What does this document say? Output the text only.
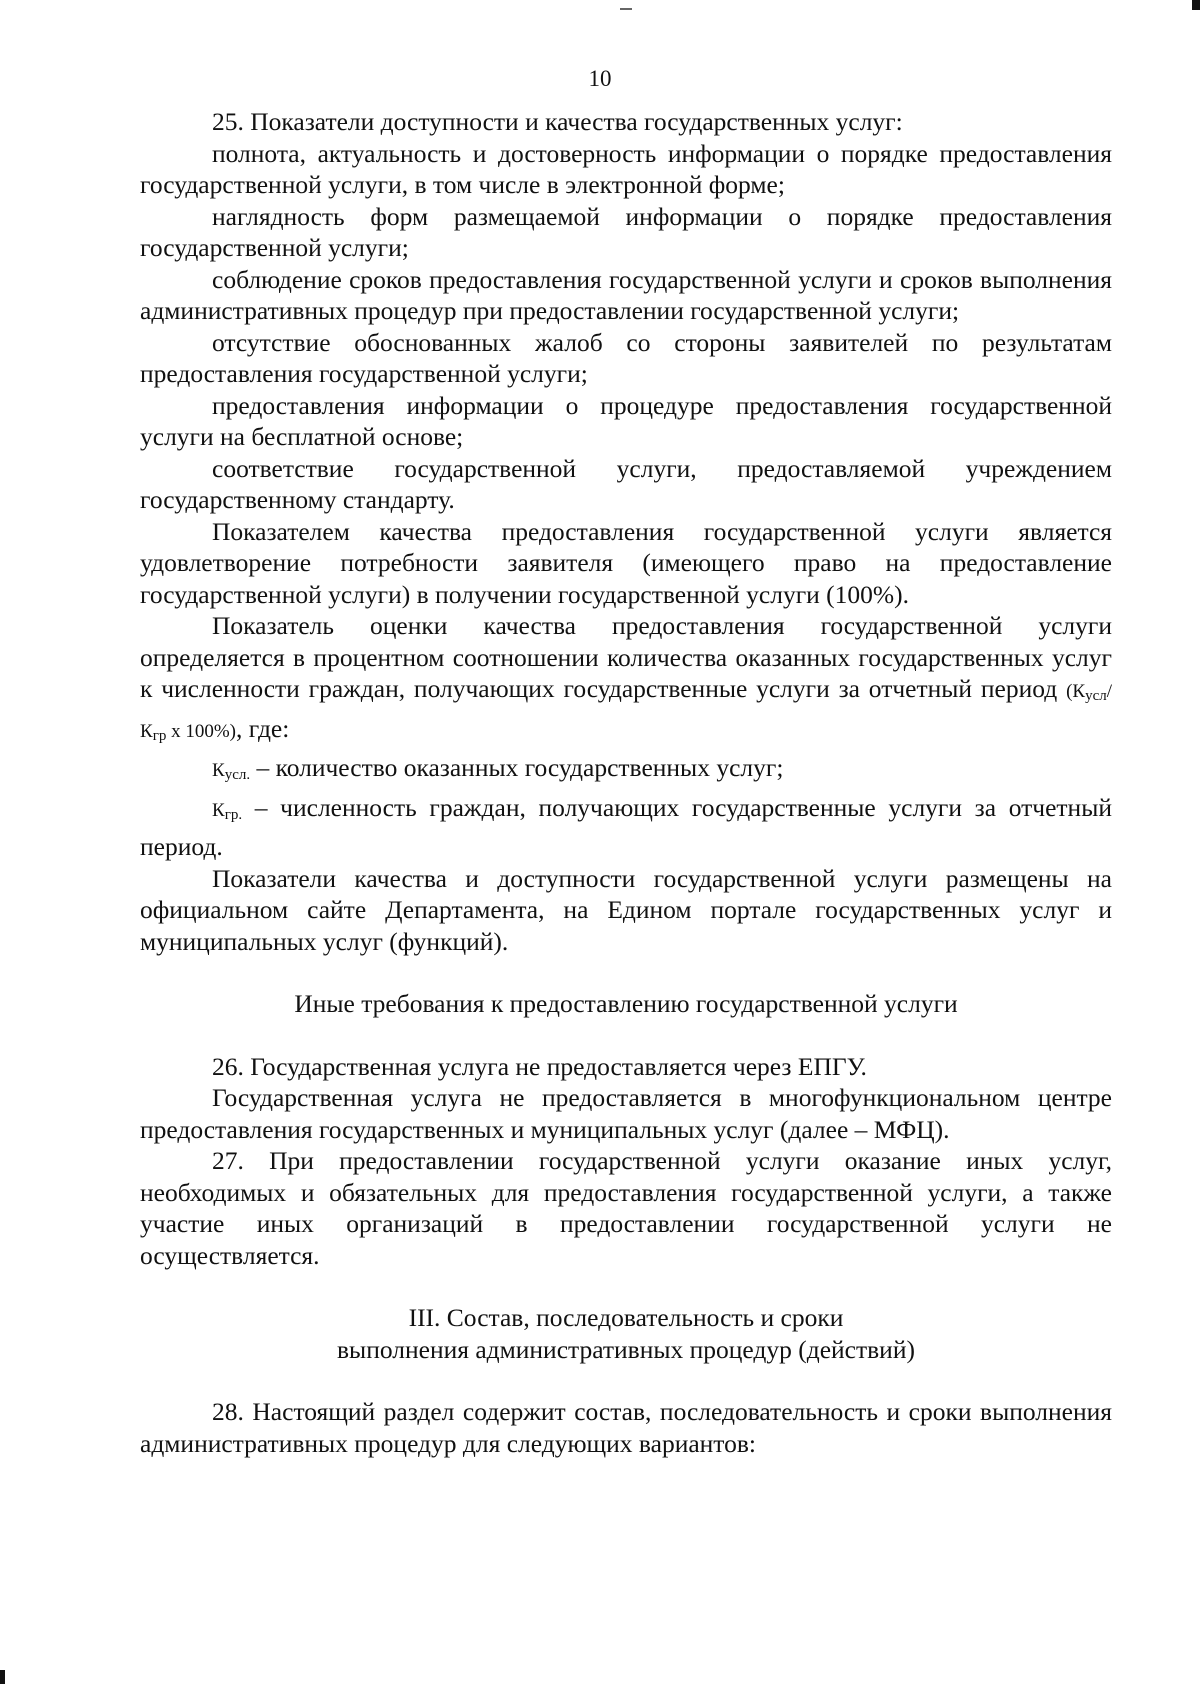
10

25. Показатели доступности и качества государственных услуг:

полнота, актуальность и достоверность информации о порядке предоставления государственной услуги, в том числе в электронной форме;

наглядность форм размещаемой информации о порядке предоставления государственной услуги;

соблюдение сроков предоставления государственной услуги и сроков выполнения административных процедур при предоставлении государственной услуги;

отсутствие обоснованных жалоб со стороны заявителей по результатам предоставления государственной услуги;

предоставления информации о процедуре предоставления государственной услуги на бесплатной основе;

соответствие государственной услуги, предоставляемой учреждением государственному стандарту.

Показателем качества предоставления государственной услуги является удовлетворение потребности заявителя (имеющего право на предоставление государственной услуги) в получении государственной услуги (100%).

Показатель оценки качества предоставления государственной услуги определяется в процентном соотношении количества оказанных государственных услуг к численности граждан, получающих государственные услуги за отчетный период ($К_{усл}/К_{гр}$ х 100%), где:

$К_{усл.}$ – количество оказанных государственных услуг;

$К_{гр.}$ – численность граждан, получающих государственные услуги за отчетный период.

Показатели качества и доступности государственной услуги размещены на официальном сайте Департамента, на Едином портале государственных услуг и муниципальных услуг (функций).

Иные требования к предоставлению государственной услуги

26. Государственная услуга не предоставляется через ЕПГУ.

Государственная услуга не предоставляется в многофункциональном центре предоставления государственных и муниципальных услуг (далее – МФЦ).

27. При предоставлении государственной услуги оказание иных услуг, необходимых и обязательных для предоставления государственной услуги, а также участие иных организаций в предоставлении государственной услуги не осуществляется.

III. Состав, последовательность и сроки

выполнения административных процедур (действий)

28. Настоящий раздел содержит состав, последовательность и сроки выполнения административных процедур для следующих вариантов:
